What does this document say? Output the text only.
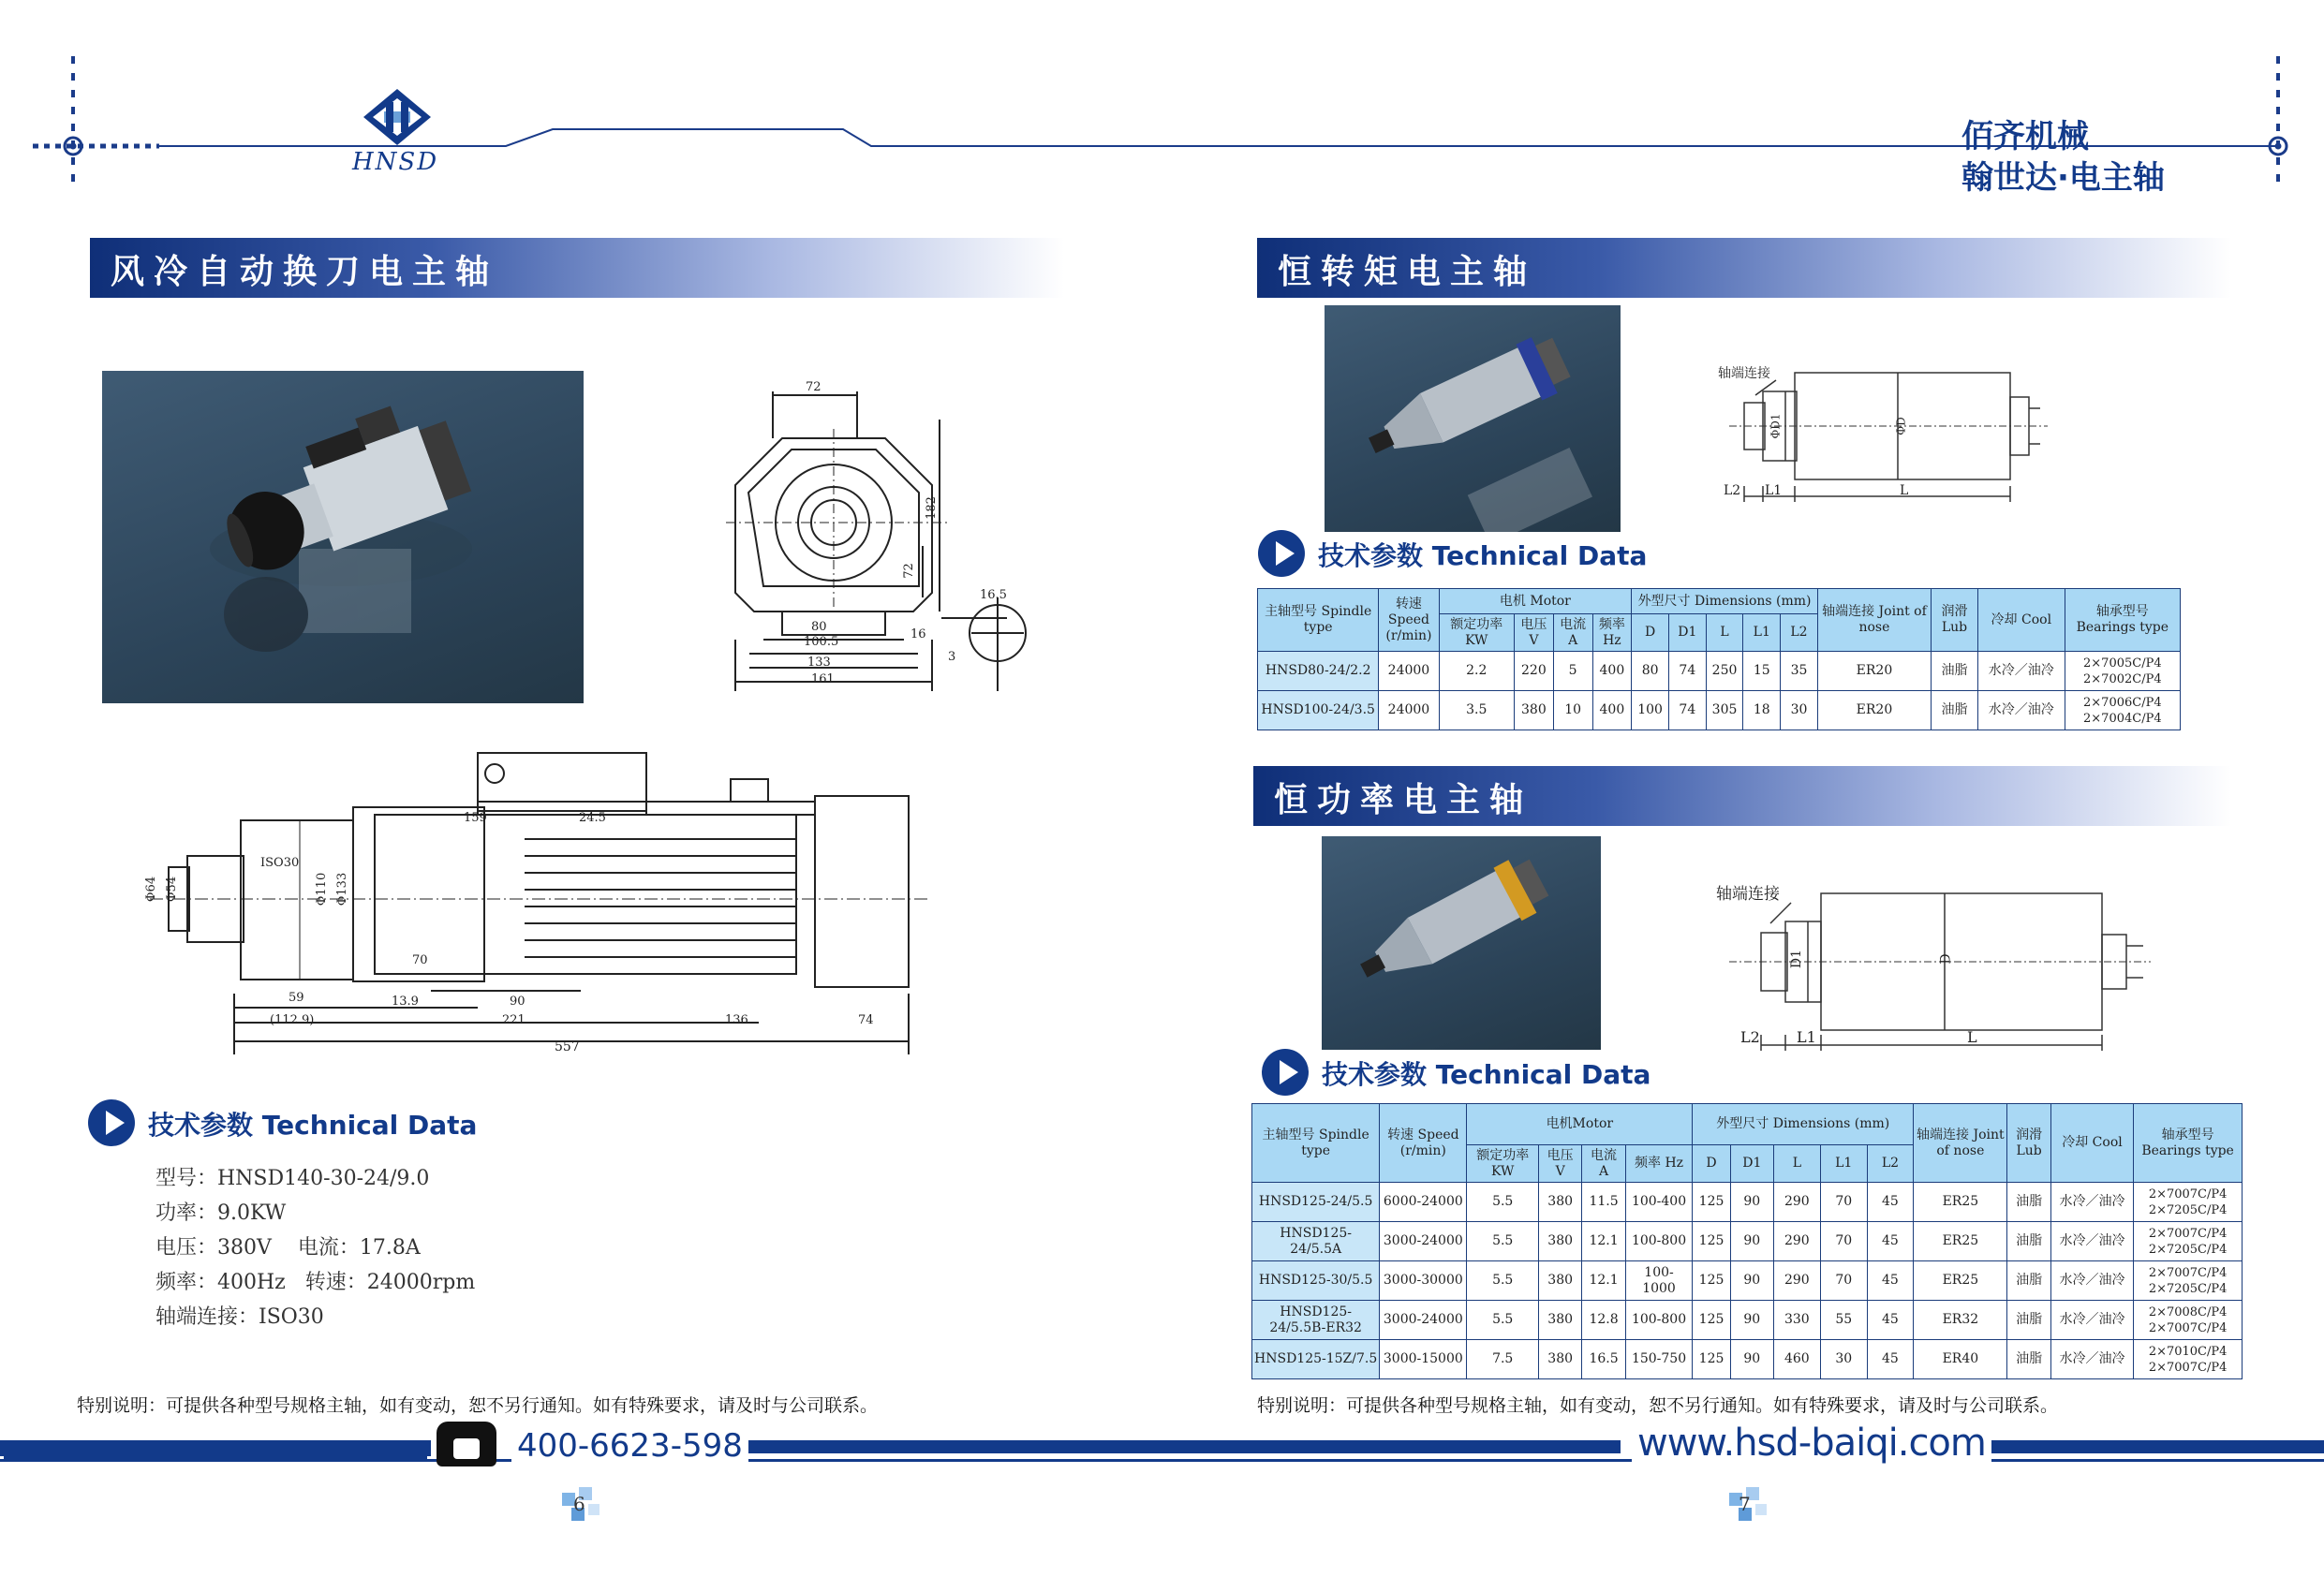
HNSD
佰齐机械
翰世达·电主轴
风冷自动换刀电主轴
72
182
72
80
100.5
133
161
16.5
16
3
159	24.5
ISO30
Φ64 Φ54	Φ110 Φ133
70
59
(112.9)
13.9	90
221	136	74
557
技术参数 Technical Data
型号：HNSD140-30-24/9.0
功率：9.0KW
电压：380V    电流：17.8A
频率：400Hz   转速：24000rpm
轴端连接：ISO30
特别说明：可提供各种型号规格主轴，如有变动，恕不另行通知。如有特殊要求，请及时与公司联系。
恒转矩电主轴
轴端连接
ΦD1	ΦD
L2 L1	L
技术参数 Technical Data
主轴型号 Spindle type	转速 Speed (r/min)	电机 Motor				外型尺寸 Dimensions (mm)					轴端连接 Joint of nose	润滑 Lub	冷却 Cool	轴承型号 Bearings type
		额定功率 KW	电压 V	电流 A	频率 Hz	D	D1	L	L1	L2				
HNSD80-24/2.2	24000	2.2	220	5	400	80	74	250	15	35	ER20	油脂	水冷／油冷	2×7005C/P4
2×7002C/P4
HNSD100-24/3.5	24000	3.5	380	10	400	100	74	305	18	30	ER20	油脂	水冷／油冷	2×7006C/P4
2×7004C/P4
恒功率电主轴
轴端连接
D1	D
L2 L1	L
技术参数 Technical Data
主轴型号 Spindle type	转速 Speed (r/min)	电机Motor				外型尺寸 Dimensions (mm)					轴端连接 Joint of nose	润滑 Lub	冷却 Cool	轴承型号 Bearings type
		额定功率 KW	电压 V	电流 A	频率 Hz	D	D1	L	L1	L2				
HNSD125-24/5.5	6000-24000	5.5	380	11.5	100-400	125	90	290	70	45	ER25	油脂	水冷／油冷	2×7007C/P4
2×7205C/P4
HNSD125-24/5.5A	3000-24000	5.5	380	12.1	100-800	125	90	290	70	45	ER25	油脂	水冷／油冷	2×7007C/P4
2×7205C/P4
HNSD125-30/5.5	3000-30000	5.5	380	12.1	100-1000	125	90	290	70	45	ER25	油脂	水冷／油冷	2×7007C/P4
2×7205C/P4
HNSD125-24/5.5B-ER32	3000-24000	5.5	380	12.8	100-800	125	90	330	55	45	ER32	油脂	水冷／油冷	2×7008C/P4
2×7007C/P4
HNSD125-15Z/7.5	3000-15000	7.5	380	16.5	150-750	125	90	460	30	45	ER40	油脂	水冷／油冷	2×7010C/P4
2×7007C/P4
特别说明：可提供各种型号规格主轴，如有变动，恕不另行通知。如有特殊要求，请及时与公司联系。
400-6623-598	www.hsd-baiqi.com
6	7
